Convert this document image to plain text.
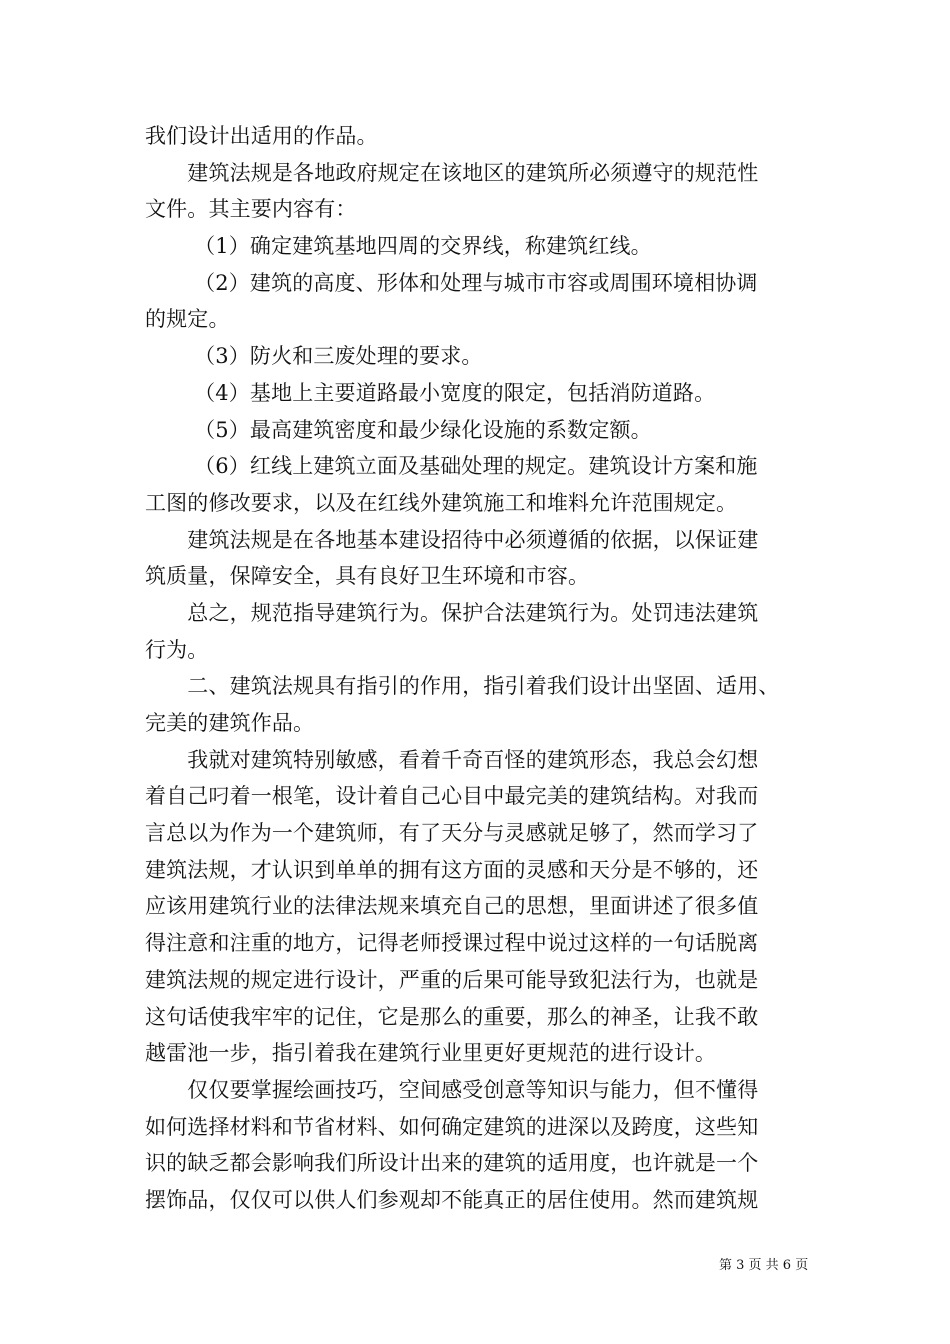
我们设计出适用的作品。
　　建筑法规是各地政府规定在该地区的建筑所必须遵守的规范性
文件。其主要内容有：
　　 （1）确定建筑基地四周的交界线，称建筑红线。
　　 （2）建筑的高度、形体和处理与城市市容或周围环境相协调
的规定。
　　 （3）防火和三废处理的要求。
　　 （4）基地上主要道路最小宽度的限定，包括消防道路。
　　 （5）最高建筑密度和最少绿化设施的系数定额。
　　 （6）红线上建筑立面及基础处理的规定。建筑设计方案和施
工图的修改要求，以及在红线外建筑施工和堆料允许范围规定。
　　建筑法规是在各地基本建设招待中必须遵循的依据，以保证建
筑质量，保障安全，具有良好卫生环境和市容。
　　总之，规范指导建筑行为。保护合法建筑行为。处罚违法建筑
行为。
　　二、建筑法规具有指引的作用，指引着我们设计出坚固、适用、
完美的建筑作品。
　　我就对建筑特别敏感，看着千奇百怪的建筑形态，我总会幻想
着自己叼着一根笔，设计着自己心目中最完美的建筑结构。对我而
言总以为作为一个建筑师，有了天分与灵感就足够了，然而学习了
建筑法规，才认识到单单的拥有这方面的灵感和天分是不够的，还
应该用建筑行业的法律法规来填充自己的思想，里面讲述了很多值
得注意和注重的地方，记得老师授课过程中说过这样的一句话脱离
建筑法规的规定进行设计，严重的后果可能导致犯法行为，也就是
这句话使我牢牢的记住，它是那么的重要，那么的神圣，让我不敢
越雷池一步，指引着我在建筑行业里更好更规范的进行设计。
　　仅仅要掌握绘画技巧，空间感受创意等知识与能力，但不懂得
如何选择材料和节省材料、如何确定建筑的进深以及跨度，这些知
识的缺乏都会影响我们所设计出来的建筑的适用度，也许就是一个
摆饰品，仅仅可以供人们参观却不能真正的居住使用。然而建筑规
第 3 页 共 6 页
